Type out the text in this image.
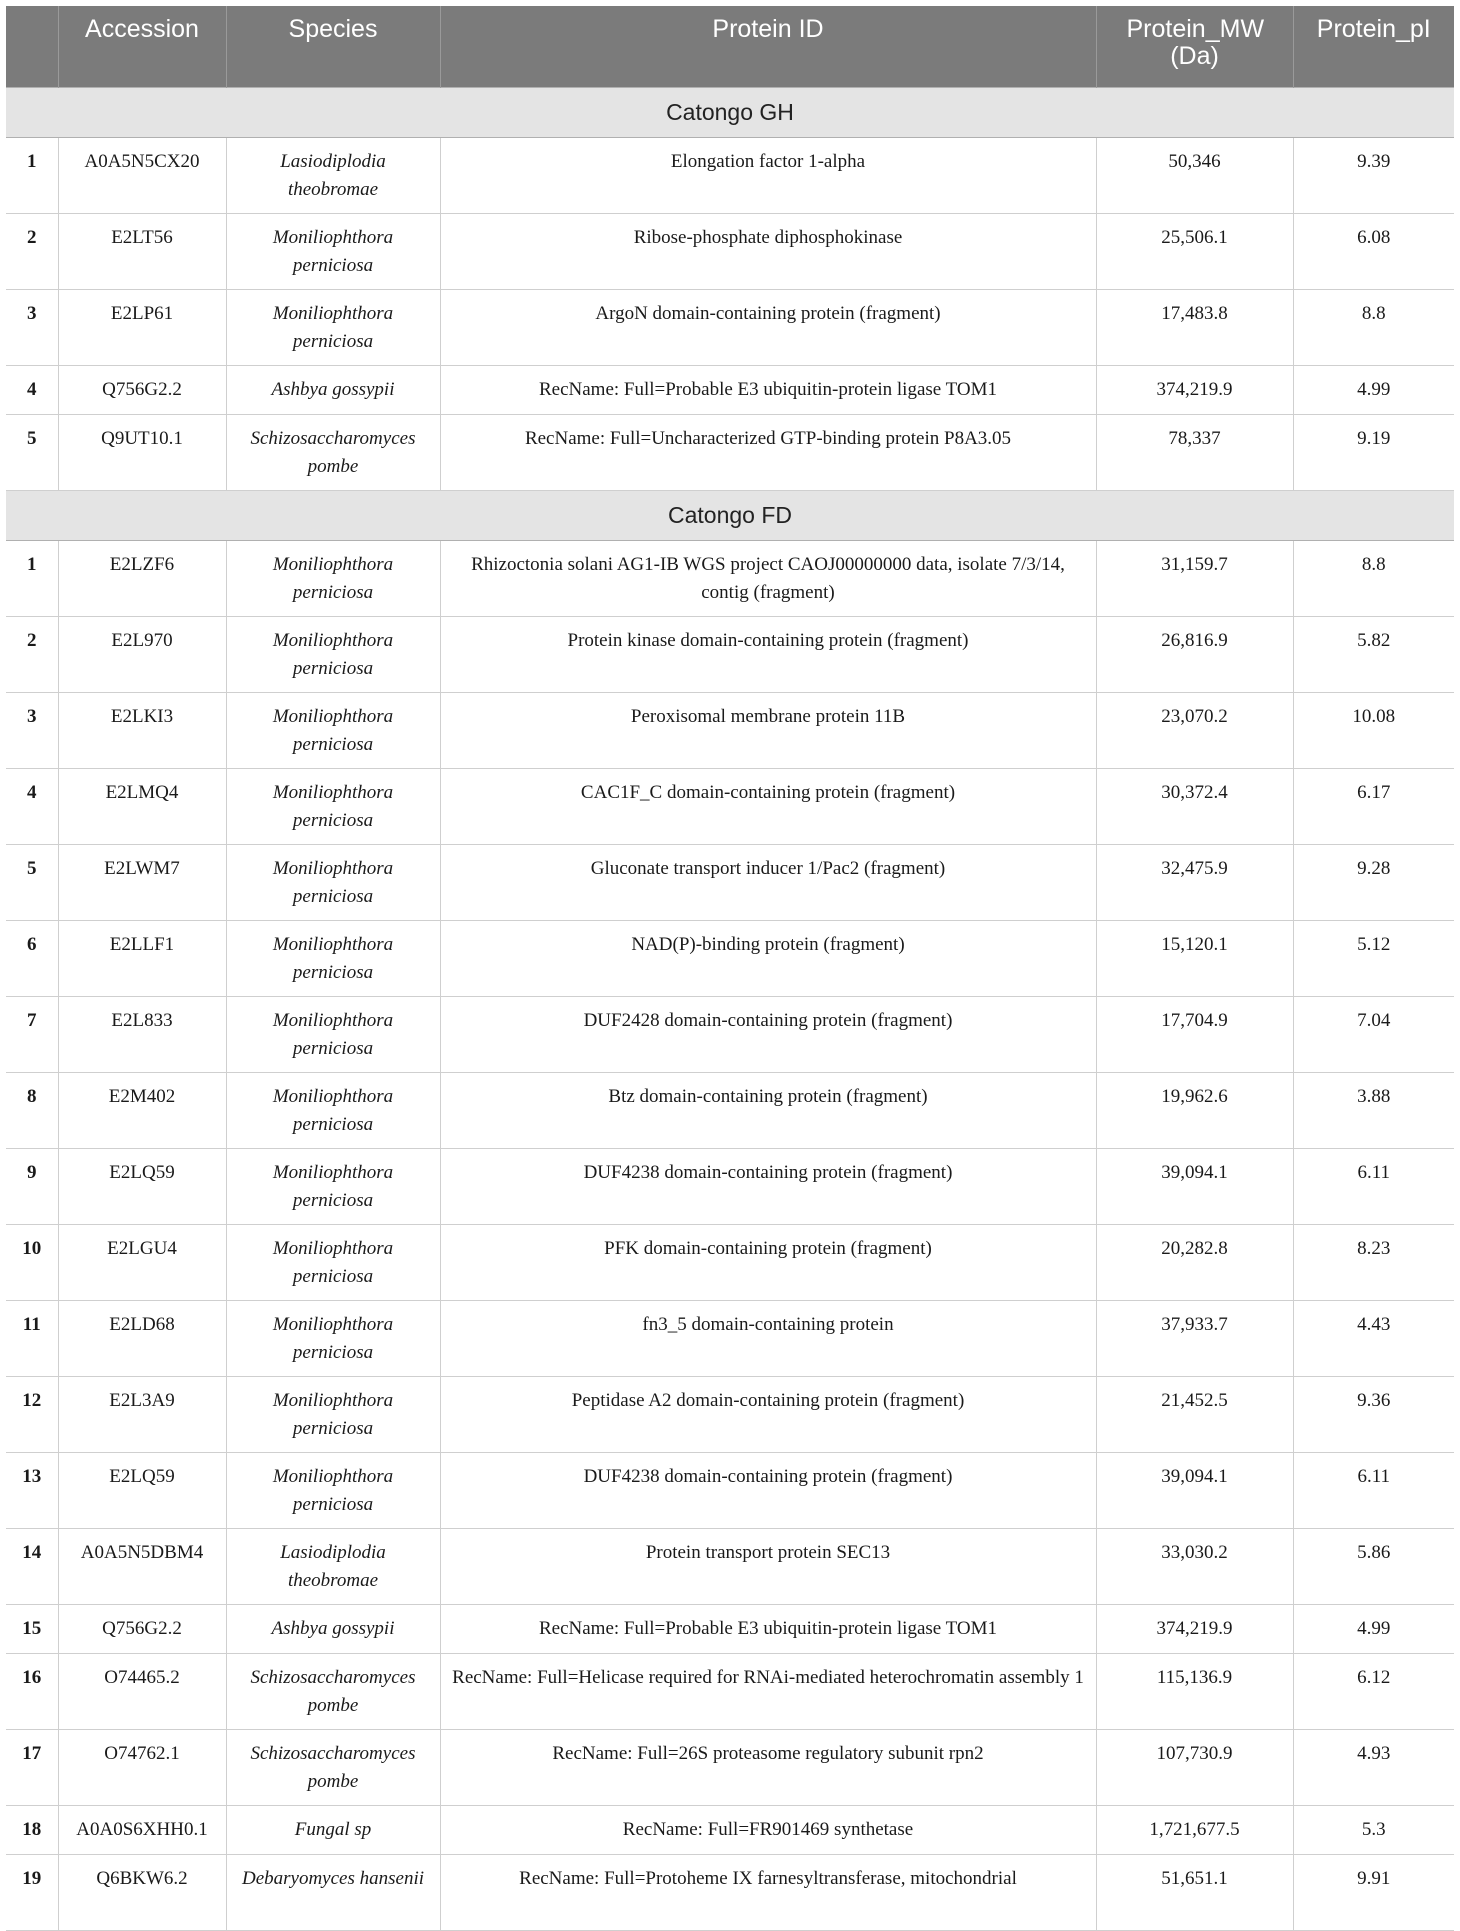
	Accession	Species	Protein ID	Protein_MW (Da)	Protein_pI
Catongo GH					
1	A0A5N5CX20	Lasiodiplodia theobromae	Elongation factor 1-alpha	50,346	9.39
2	E2LT56	Moniliophthora perniciosa	Ribose-phosphate diphosphokinase	25,506.1	6.08
3	E2LP61	Moniliophthora perniciosa	ArgoN domain-containing protein (fragment)	17,483.8	8.8
4	Q756G2.2	Ashbya gossypii	RecName: Full=Probable E3 ubiquitin-protein ligase TOM1	374,219.9	4.99
5	Q9UT10.1	Schizosaccharomyces pombe	RecName: Full=Uncharacterized GTP-binding protein P8A3.05	78,337	9.19
Catongo FD					
1	E2LZF6	Moniliophthora perniciosa	Rhizoctonia solani AG1-IB WGS project CAOJ00000000 data, isolate 7/3/14, contig (fragment)	31,159.7	8.8
2	E2L970	Moniliophthora perniciosa	Protein kinase domain-containing protein (fragment)	26,816.9	5.82
3	E2LKI3	Moniliophthora perniciosa	Peroxisomal membrane protein 11B	23,070.2	10.08
4	E2LMQ4	Moniliophthora perniciosa	CAC1F_C domain-containing protein (fragment)	30,372.4	6.17
5	E2LWM7	Moniliophthora perniciosa	Gluconate transport inducer 1/Pac2 (fragment)	32,475.9	9.28
6	E2LLF1	Moniliophthora perniciosa	NAD(P)-binding protein (fragment)	15,120.1	5.12
7	E2L833	Moniliophthora perniciosa	DUF2428 domain-containing protein (fragment)	17,704.9	7.04
8	E2M402	Moniliophthora perniciosa	Btz domain-containing protein (fragment)	19,962.6	3.88
9	E2LQ59	Moniliophthora perniciosa	DUF4238 domain-containing protein (fragment)	39,094.1	6.11
10	E2LGU4	Moniliophthora perniciosa	PFK domain-containing protein (fragment)	20,282.8	8.23
11	E2LD68	Moniliophthora perniciosa	fn3_5 domain-containing protein	37,933.7	4.43
12	E2L3A9	Moniliophthora perniciosa	Peptidase A2 domain-containing protein (fragment)	21,452.5	9.36
13	E2LQ59	Moniliophthora perniciosa	DUF4238 domain-containing protein (fragment)	39,094.1	6.11
14	A0A5N5DBM4	Lasiodiplodia theobromae	Protein transport protein SEC13	33,030.2	5.86
15	Q756G2.2	Ashbya gossypii	RecName: Full=Probable E3 ubiquitin-protein ligase TOM1	374,219.9	4.99
16	O74465.2	Schizosaccharomyces pombe	RecName: Full=Helicase required for RNAi-mediated heterochromatin assembly 1	115,136.9	6.12
17	O74762.1	Schizosaccharomyces pombe	RecName: Full=26S proteasome regulatory subunit rpn2	107,730.9	4.93
18	A0A0S6XHH0.1	Fungal sp	RecName: Full=FR901469 synthetase	1,721,677.5	5.3
19	Q6BKW6.2	Debaryomyces hansenii	RecName: Full=Protoheme IX farnesyltransferase, mitochondrial	51,651.1	9.91
